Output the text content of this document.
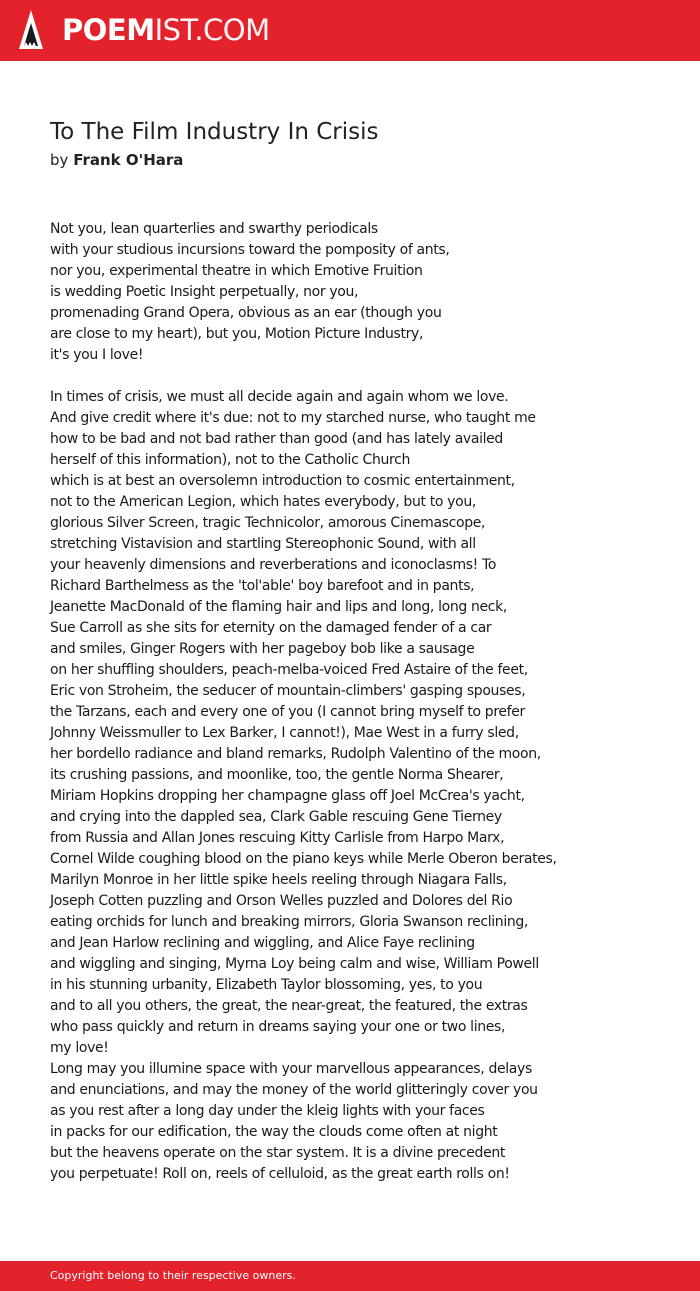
POEMIST.COM
To The Film Industry In Crisis
by Frank O'Hara
Not you, lean quarterlies and swarthy periodicals
with your studious incursions toward the pomposity of ants,
nor you, experimental theatre in which Emotive Fruition
is wedding Poetic Insight perpetually, nor you,
promenading Grand Opera, obvious as an ear (though you
are close to my heart), but you, Motion Picture Industry,
it's you I love!
In times of crisis, we must all decide again and again whom we love.
And give credit where it's due: not to my starched nurse, who taught me
how to be bad and not bad rather than good (and has lately availed
herself of this information), not to the Catholic Church
which is at best an oversolemn introduction to cosmic entertainment,
not to the American Legion, which hates everybody, but to you,
glorious Silver Screen, tragic Technicolor, amorous Cinemascope,
stretching Vistavision and startling Stereophonic Sound, with all
your heavenly dimensions and reverberations and iconoclasms! To
Richard Barthelmess as the 'tol'able' boy barefoot and in pants,
Jeanette MacDonald of the flaming hair and lips and long, long neck,
Sue Carroll as she sits for eternity on the damaged fender of a car
and smiles, Ginger Rogers with her pageboy bob like a sausage
on her shuffling shoulders, peach-melba-voiced Fred Astaire of the feet,
Eric von Stroheim, the seducer of mountain-climbers' gasping spouses,
the Tarzans, each and every one of you (I cannot bring myself to prefer
Johnny Weissmuller to Lex Barker, I cannot!), Mae West in a furry sled,
her bordello radiance and bland remarks, Rudolph Valentino of the moon,
its crushing passions, and moonlike, too, the gentle Norma Shearer,
Miriam Hopkins dropping her champagne glass off Joel McCrea's yacht,
and crying into the dappled sea, Clark Gable rescuing Gene Tierney
from Russia and Allan Jones rescuing Kitty Carlisle from Harpo Marx,
Cornel Wilde coughing blood on the piano keys while Merle Oberon berates,
Marilyn Monroe in her little spike heels reeling through Niagara Falls,
Joseph Cotten puzzling and Orson Welles puzzled and Dolores del Rio
eating orchids for lunch and breaking mirrors, Gloria Swanson reclining,
and Jean Harlow reclining and wiggling, and Alice Faye reclining
and wiggling and singing, Myrna Loy being calm and wise, William Powell
in his stunning urbanity, Elizabeth Taylor blossoming, yes, to you
and to all you others, the great, the near-great, the featured, the extras
who pass quickly and return in dreams saying your one or two lines,
my love!
Long may you illumine space with your marvellous appearances, delays
and enunciations, and may the money of the world glitteringly cover you
as you rest after a long day under the kleig lights with your faces
in packs for our edification, the way the clouds come often at night
but the heavens operate on the star system. It is a divine precedent
you perpetuate! Roll on, reels of celluloid, as the great earth rolls on!
Copyright belong to their respective owners.
